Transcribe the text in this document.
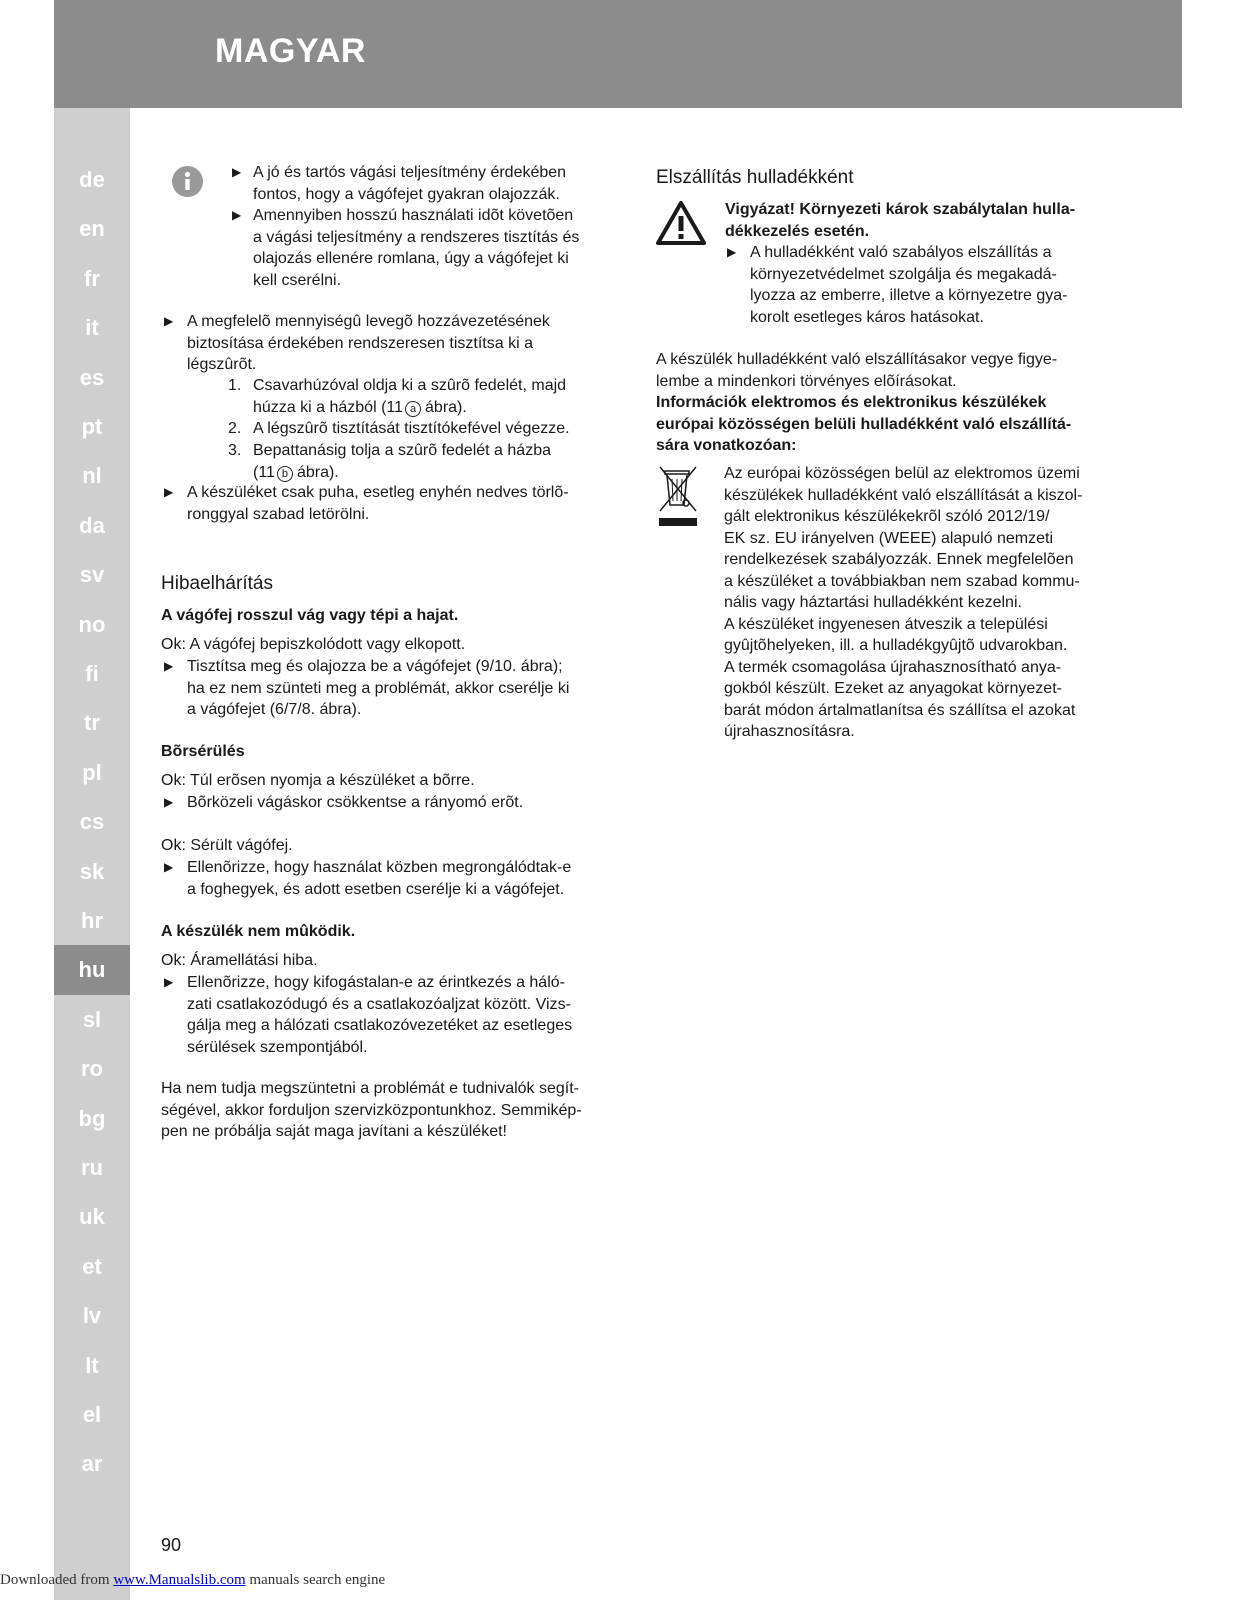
MAGYAR
de
en
fr
it
es
pt
nl
da
sv
no
fi
tr
pl
cs
sk
hr
hu
sl
ro
bg
ru
uk
et
lv
lt
el
ar
▶ A jó és tartós vágási teljesítmény érdekében
fontos, hogy a vágófejet gyakran olajozzák.
▶ Amennyiben hosszú használati idõt követõen
a vágási teljesítmény a rendszeres tisztítás és
olajozás ellenére romlana, úgy a vágófejet ki
kell cserélni.
▶ A megfelelõ mennyiségû levegõ hozzávezetésének
biztosítása érdekében rendszeresen tisztítsa ki a
légszûrõt.
1. Csavarhúzóval oldja ki a szûrõ fedelét, majd
húzza ki a házból (11 a ábra).
2. A légszûrõ tisztítását tisztítókefével végezze.
3. Bepattanásig tolja a szûrõ fedelét a házba
(11 b ábra).
▶ A készüléket csak puha, esetleg enyhén nedves törlõ-
ronggyal szabad letörölni.
Hibaelhárítás
A vágófej rosszul vág vagy tépi a hajat.
Ok: A vágófej bepiszkolódott vagy elkopott.
▶ Tisztítsa meg és olajozza be a vágófejet (9/10. ábra);
ha ez nem szünteti meg a problémát, akkor cserélje ki
a vágófejet (6/7/8. ábra).
Bõrsérülés
Ok: Túl erõsen nyomja a készüléket a bõrre.
▶ Bõrközeli vágáskor csökkentse a rányomó erõt.
Ok: Sérült vágófej.
▶ Ellenõrizze, hogy használat közben megrongálódtak-e
a foghegyek, és adott esetben cserélje ki a vágófejet.
A készülék nem mûködik.
Ok: Áramellátási hiba.
▶ Ellenõrizze, hogy kifogástalan-e az érintkezés a háló-
zati csatlakozódugó és a csatlakozóaljzat között. Vizs-
gálja meg a hálózati csatlakozóvezetéket az esetleges
sérülések szempontjából.
Ha nem tudja megszüntetni a problémát e tudnivalók segít-
ségével, akkor forduljon szervizközpontunkhoz. Semmikép-
pen ne próbálja saját maga javítani a készüléket!
Elszállítás hulladékként
Vigyázat! Környezeti károk szabálytalan hulla-
dékkezelés esetén.
▶ A hulladékként való szabályos elszállítás a
környezetvédelmet szolgálja és megakadá-
lyozza az emberre, illetve a környezetre gya-
korolt esetleges káros hatásokat.
A készülék hulladékként való elszállításakor vegye figye-
lembe a mindenkori törvényes elõírásokat.
Információk elektromos és elektronikus készülékek
európai közösségen belüli hulladékként való elszállítá-
sára vonatkozóan:
Az európai közösségen belül az elektromos üzemi
készülékek hulladékként való elszállítását a kiszol-
gált elektronikus készülékekrõl szóló 2012/19/
EK sz. EU irányelven (WEEE) alapuló nemzeti
rendelkezések szabályozzák. Ennek megfelelõen
a készüléket a továbbiakban nem szabad kommu-
nális vagy háztartási hulladékként kezelni.
A készüléket ingyenesen átveszik a települési
gyûjtõhelyeken, ill. a hulladékgyûjtõ udvarokban.
A termék csomagolása újrahasznosítható anya-
gokból készült. Ezeket az anyagokat környezet-
barát módon ártalmatlanítsa és szállítsa el azokat
újrahasznosításra.
90
Downloaded from www.Manualslib.com manuals search engine
